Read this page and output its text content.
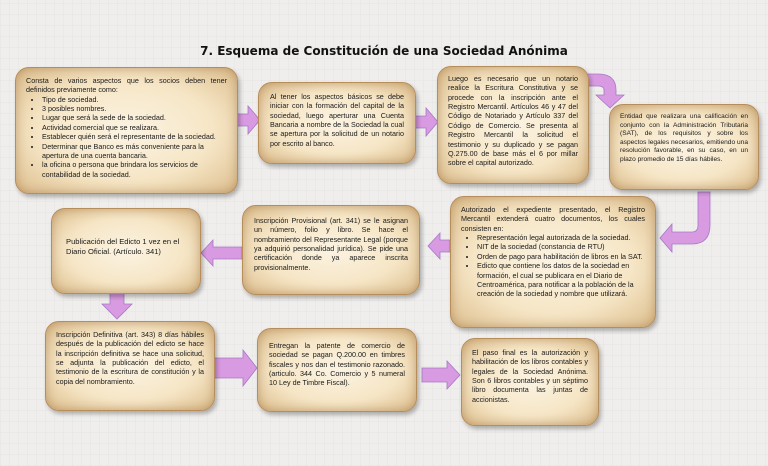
7. Esquema de Constitución de una Sociedad Anónima

Consta de varios aspectos que los socios deben tener definidos previamente como:

• Tipo de sociedad.
• 3 posibles nombres.
• Lugar que será la sede de la sociedad.
• Actividad comercial que se realizara.
• Establecer quién será el representante de la sociedad.
• Determinar que Banco es más conveniente para la apertura de una cuenta bancaria.
• la oficina o persona que brindara los servicios de contabilidad de la sociedad.

Al tener los aspectos básicos se debe iniciar con la formación del capital de la sociedad, luego aperturar una Cuenta Bancaria a nombre de la Sociedad la cual se apertura por la solicitud de un notario por escrito al banco.

Luego es necesario que un notario realice la Escritura Constitutiva y se procede con la inscripción ante el Registro Mercantil. Artículos 46 y 47 del Código de Notariado y Artículo 337 del Código de Comercio. Se presenta al Registro Mercantil la solicitud el testimonio y su duplicado y se pagan Q.275.00 de base más el 6 por millar sobre el capital autorizado.

Entidad que realizara una calificación en conjunto con la Administración Tributaria (SAT), de los requisitos y sobre los aspectos legales necesarios, emitiendo una resolución favorable, en su caso, en un plazo promedio de 15 días hábiles.

Autorizado el expediente presentado, el Registro Mercantil extenderá cuatro documentos, los cuales consisten en:

• Representación legal autorizada de la sociedad.
• NIT de la sociedad (constancia de RTU)
• Orden de pago para habilitación de libros en la SAT.
• Edicto que contiene los datos de la sociedad en formación, el cual se publicara en el Diario de Centroamérica, para notificar a la población de la creación de la sociedad y nombre que utilizará.

Inscripción Provisional (art. 341) se le asignan un número, folio y libro. Se hace el nombramiento del Representante Legal (porque ya adquirió personalidad jurídica). Se pide una certificación donde ya aparece inscrita provisionalmente.

Publicación del Edicto 1 vez en el Diario Oficial. (Artículo. 341)

Inscripción Definitiva (art. 343) 8 días hábiles después de la publicación del edicto se hace la inscripción definitiva se hace una solicitud, se adjunta la publicación del edicto, el testimonio de la escritura de constitución y la copia del nombramiento.

Entregan la patente de comercio de sociedad se pagan Q.200.00 en timbres fiscales y nos dan el testimonio razonado. (articulo. 344 Co. Comercio y 5 numeral 10 Ley de Timbre Fiscal).

El paso final es la autorización y habilitación de los libros contables y legales de la Sociedad Anónima. Son 6 libros contables y un séptimo libro documenta las juntas de accionistas.
